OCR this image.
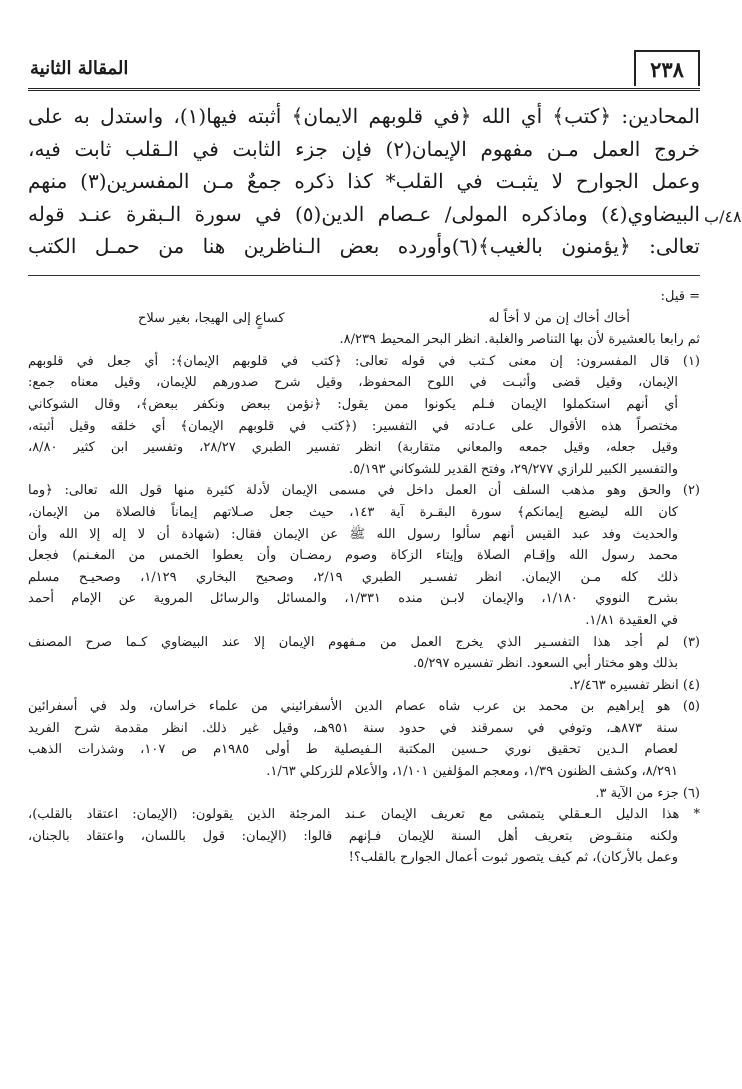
٢٣٨
المقالة الثانية
المحادين: ﴿كتب﴾ أي الله ﴿في قلوبهم الايمان﴾ أثبته فيها(١)، واستدل به على
خروج العمل مـن مفهوم الإيمان(٢) فإن جزء الثابت في الـقلب ثابت فيه،
وعمل الجوارح لا يثبـت في القلب* كذا ذكره جمعٌ مـن المفسرين(٣) منهم
البيضاوي(٤) وماذكره المولى/ عـصام الدين(٥) في سورة الـبقرة عنـد قوله
تعالى: ﴿يؤمنون بالغيب﴾(٦)وأورده بعض الـناظرين هنا من حمـل الكتب
٤٨/ب
= قيل:
أخاك أخاك إن من لا أخاً له
كساعٍ إلى الهيجا، بغير سلاح
ثم رابعا بالعشيرة لأن بها التناصر والغلبة. انظر البحر المحيط ٨/٢٣٩.
(١) قال المفسرون: إن معنى كـتب في قوله تعالى: ﴿كتب في قلوبهم الإيمان﴾: أي جعل في قلوبهم
الإيمان، وقيل قضى وأثبـت في اللوح المحفوظ، وقيل شرح صدورهم للإيمان، وقيل معناه جمع:
أي أنهم استكملوا الإيمان فـلم يكونوا ممن يقول: ﴿نؤمن ببعض ونكفر ببعض﴾، وقال الشوكاني
مختصراً هذه الأقوال على عـادته في التفسير: (﴿كتب في قلوبهم الإيمان﴾ أي خلقه وقيل أثبته،
وقيل جعله، وقيل جمعه والمعاني متقاربة) انظر تفسير الطبري ٢٨/٢٧، وتفسير ابن كثير ٨/٨٠،
والتفسير الكبير للرازي ٢٩/٢٧٧، وفتح القدير للشوكاني ٥/١٩٣.
(٢) والحق وهو مذهب السلف أن العمل داخل في مسمى الإيمان لأدلة كثيرة منها قول الله تعالى: ﴿وما
كان الله ليضيع إيمانكم﴾ سورة البقـرة آية ١٤٣، حيث جعل صـلاتهم إيماناً فالصلاة من الإيمان،
والحديث وفد عبد القيس أنهم سألوا رسول الله ﷺ عن الإيمان فقال: (شهادة أن لا إله إلا الله وأن
محمد رسول الله وإقـام الصلاة وإيتاء الزكاة وصوم رمضـان وأن يعطوا الخمس من المغـنم) فجعل
ذلك كله مـن الإيمان. انظر تفسـير الطبري ٢/١٩، وصحيح البخاري ١/١٢٩، وصحيـح مسلم
بشرح النووي ١/١٨٠، والإيمان لابـن منده ١/٣٣١، والمسائل والرسائل المروية عن الإمام أحمد
في العقيدة ١/٨١.
(٣) لم أجد هذا التفسـير الذي يخرج العمل من مـفهوم الإيمان إلا عند البيضاوي كـما صرح المصنف
بذلك وهو مختار أبي السعود. انظر تفسيره ٥/٢٩٧.
(٤) انظر تفسيره ٢/٤٦٣.
(٥) هو إبراهيم بن محمد بن عرب شاه عصام الدين الأسفرائيني من علماء خراسان، ولد في أسفرائين
سنة ٨٧٣هـ، وتوفي في سمرقند في حدود سنة ٩٥١هـ، وقيل غير ذلك. انظر مقدمة شرح الفريد
لعصام الـدين تحقيق نوري حـسين المكتبة الـفيصلية ط أولى ١٩٨٥م ص ١٠٧، وشذرات الذهب
٨/٢٩١، وكشف الظنون ١/٣٩، ومعجم المؤلفين ١/١٠١، والأعلام للزركلي ١/٦٣.
(٦) جزء من الآية ٣.
* هذا الدليل الـعـقلي يتمشى مع تعريف الإيمان عـند المرجئة الذين يقولون: (الإيمان: اعتقاد بالقلب)،
ولكنه منقـوض بتعريف أهل السنة للإيمان فـإنهم قالوا: (الإيمان: قول باللسان، واعتقاد بالجنان،
وعمل بالأركان)، ثم كيف يتصور ثبوت أعمال الجوارح بالقلب؟!
